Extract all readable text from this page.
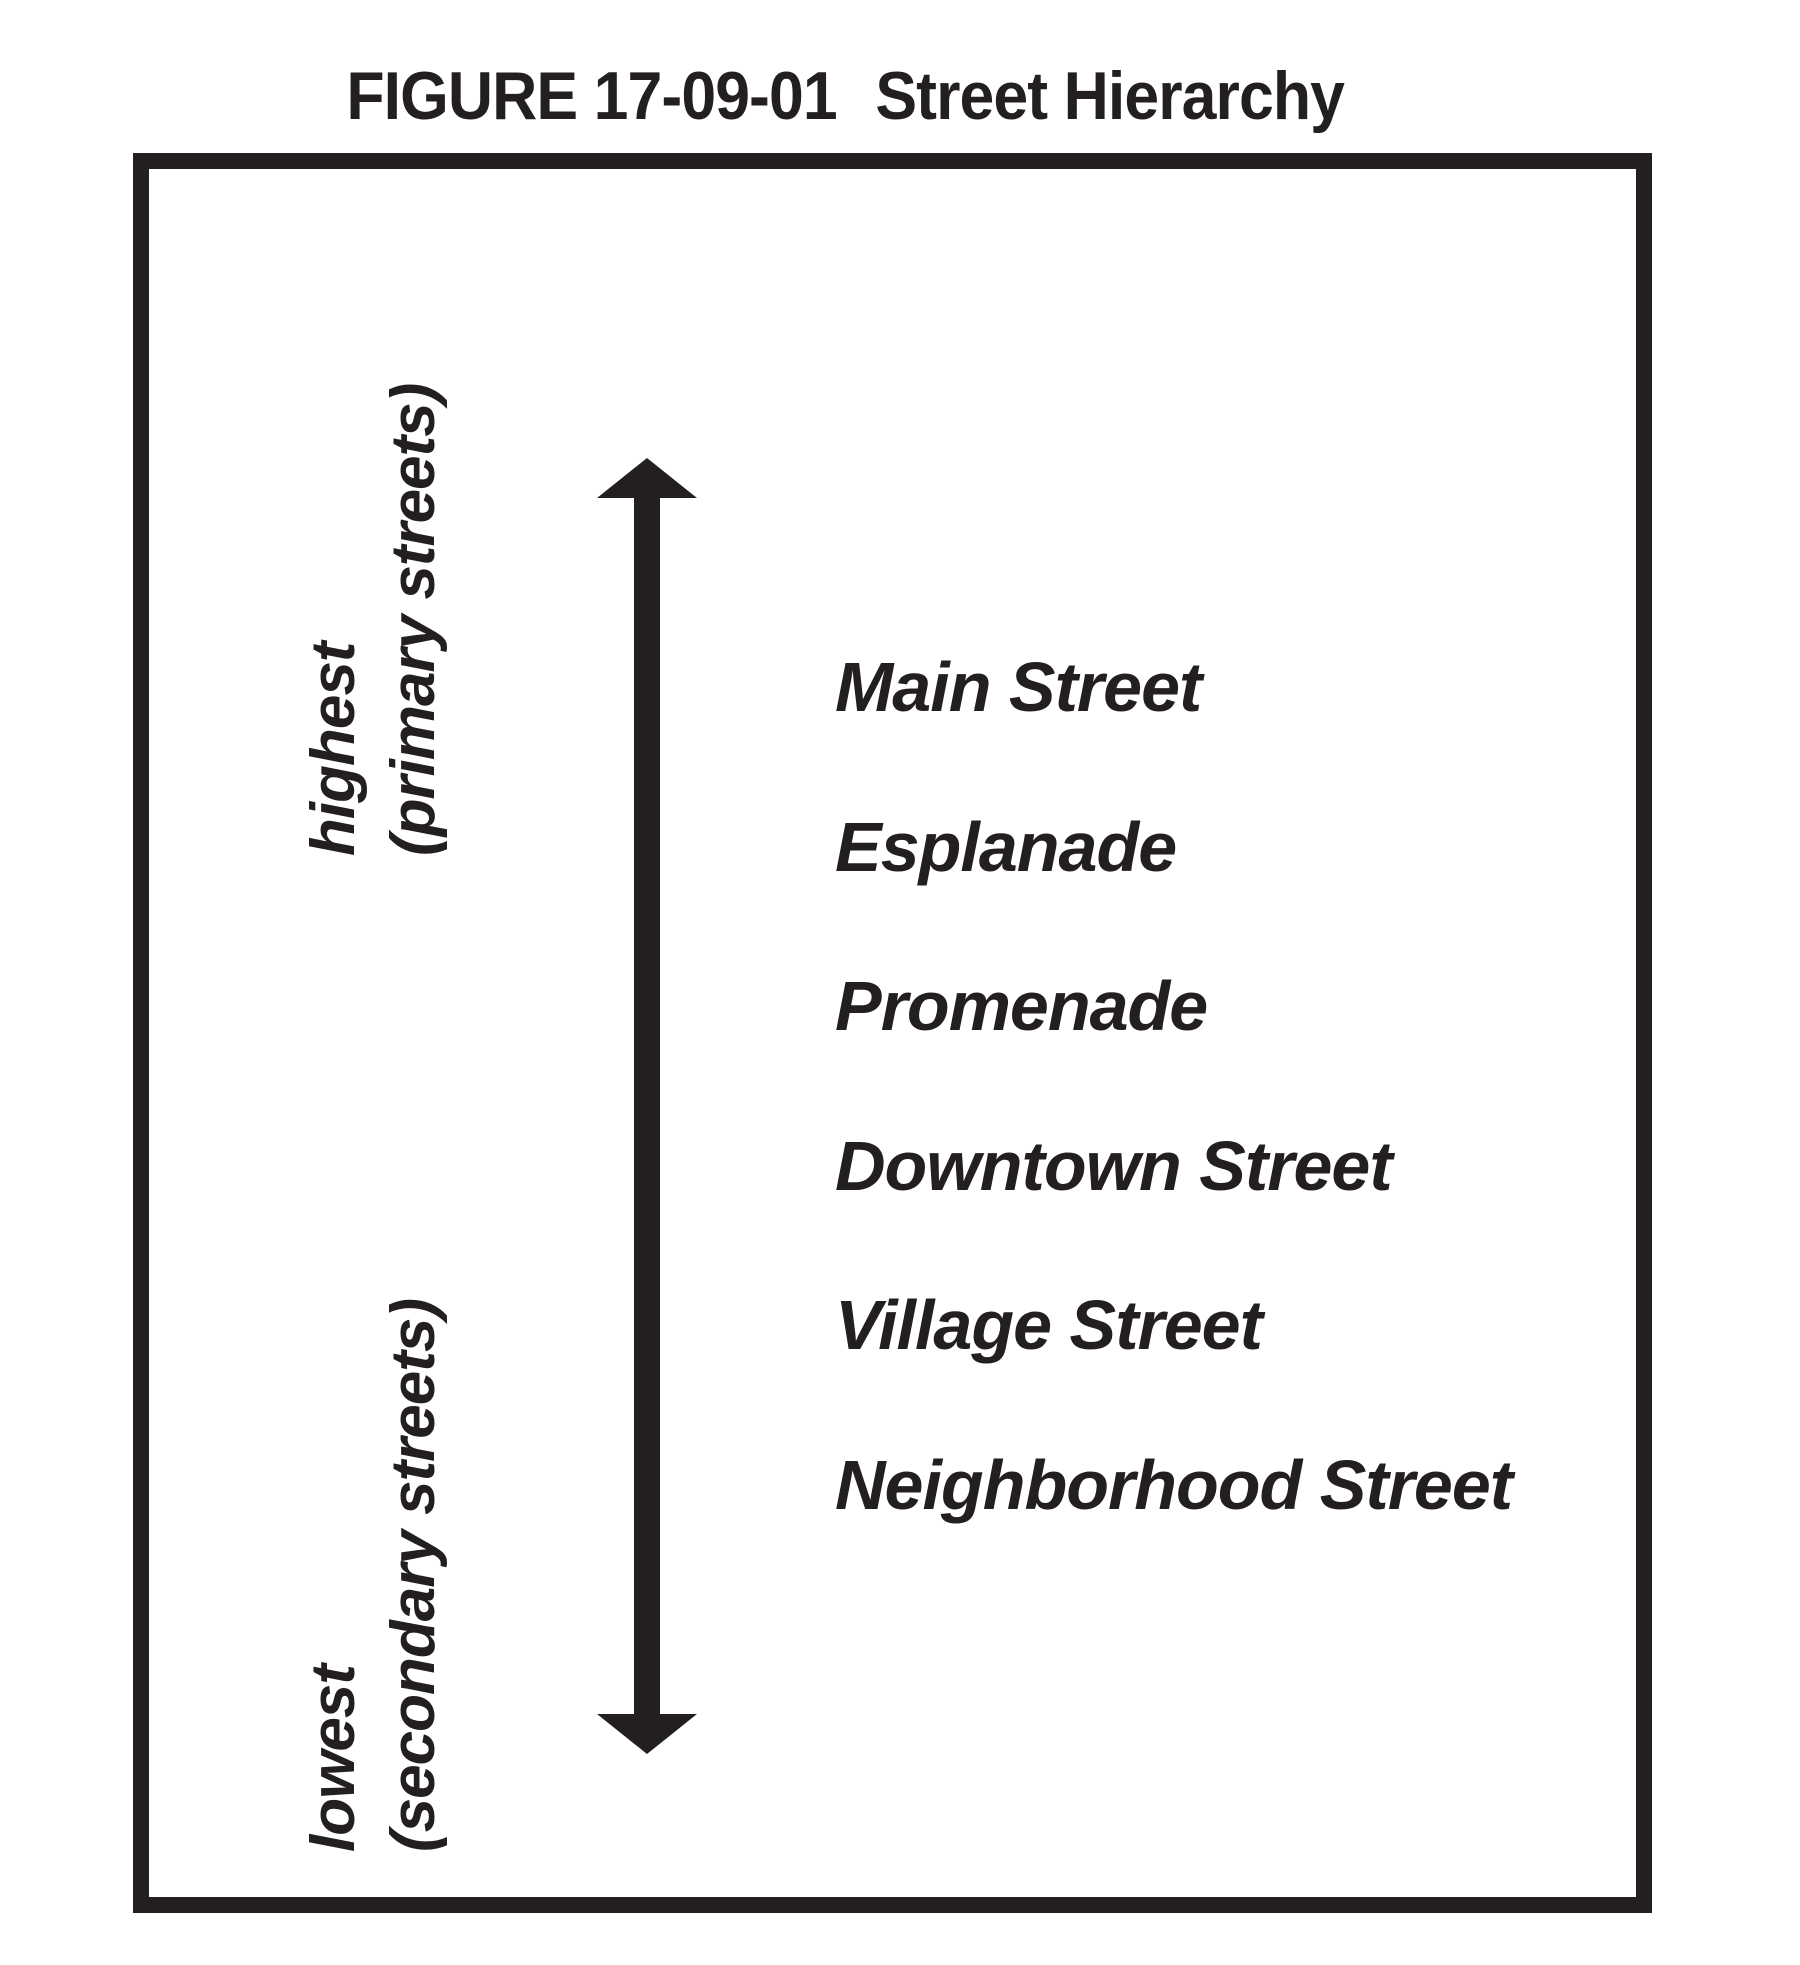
FIGURE 17-09-01 Street Hierarchy
highest (primary streets)
lowest (secondary streets)
Main Street
Esplanade
Promenade
Downtown Street
Village Street
Neighborhood Street
